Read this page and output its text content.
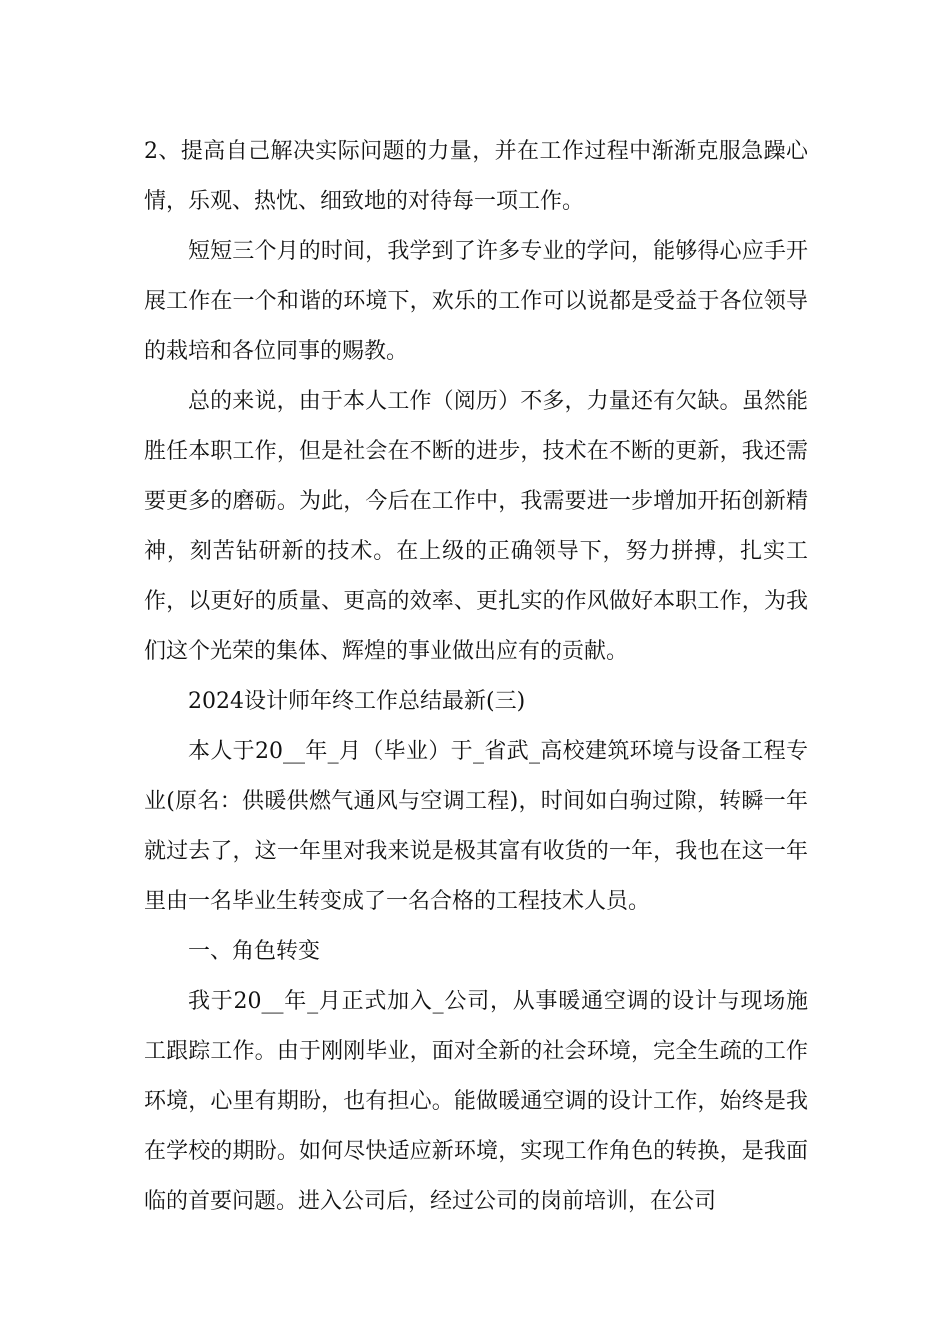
2、提高自己解决实际问题的力量，并在工作过程中渐渐克服急躁心情，乐观、热忱、细致地的对待每一项工作。

短短三个月的时间，我学到了许多专业的学问，能够得心应手开展工作在一个和谐的环境下，欢乐的工作可以说都是受益于各位领导的栽培和各位同事的赐教。

总的来说，由于本人工作（阅历）不多，力量还有欠缺。虽然能胜任本职工作，但是社会在不断的进步，技术在不断的更新，我还需要更多的磨砺。为此，今后在工作中，我需要进一步增加开拓创新精神，刻苦钻研新的技术。在上级的正确领导下，努力拼搏，扎实工作，以更好的质量、更高的效率、更扎实的作风做好本职工作，为我们这个光荣的集体、辉煌的事业做出应有的贡献。

2024设计师年终工作总结最新(三)

本人于20__年_月（毕业）于_省武_高校建筑环境与设备工程专业(原名：供暖供燃气通风与空调工程)，时间如白驹过隙，转瞬一年就过去了，这一年里对我来说是极其富有收货的一年，我也在这一年里由一名毕业生转变成了一名合格的工程技术人员。

一、角色转变

我于20__年_月正式加入_公司，从事暖通空调的设计与现场施工跟踪工作。由于刚刚毕业，面对全新的社会环境，完全生疏的工作环境，心里有期盼，也有担心。能做暖通空调的设计工作，始终是我在学校的期盼。如何尽快适应新环境，实现工作角色的转换，是我面临的首要问题。进入公司后，经过公司的岗前培训，在公司
